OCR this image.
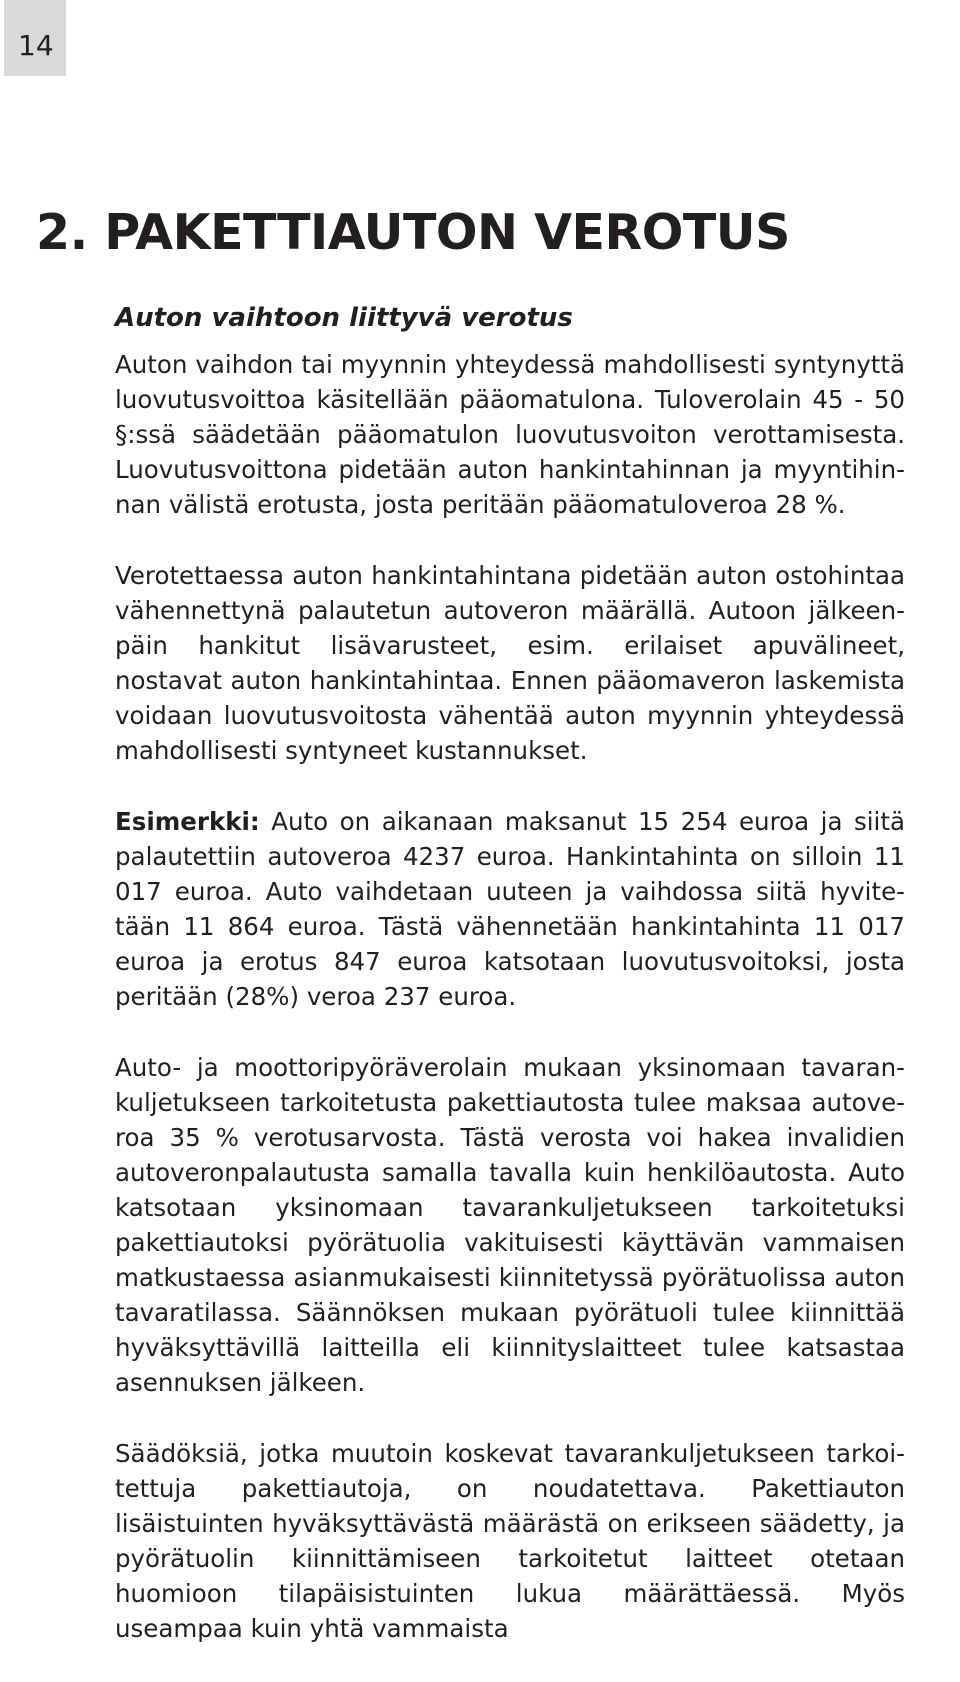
14
2. PAKETTIAUTON VEROTUS
Auton vaihtoon liittyvä verotus

Auton vaihdon tai myynnin yhteydessä mahdollisesti syntynyttä luovutusvoittoa käsitellään pääomatulona. Tuloverolain 45 - 50 §:ssä säädetään pääomatulon luovutusvoiton verottamisesta. Luovutusvoittona pidetään auton hankintahinnan ja myyntihinnan välistä erotusta, josta peritään pääomatuloveroa 28 %.

Verotettaessa auton hankintahintana pidetään auton ostohintaa vähennettynä palautetun autoveron määrällä. Autoon jälkeenpäin hankitut lisävarusteet, esim. erilaiset apuvälineet, nostavat auton hankintahintaa. Ennen pääomaveron laskemista voidaan luovutusvoitosta vähentää auton myynnin yhteydessä mahdollisesti syntyneet kustannukset.

Esimerkki: Auto on aikanaan maksanut 15 254 euroa ja siitä palautettiin autoveroa 4237 euroa. Hankintahinta on silloin 11 017 euroa. Auto vaihdetaan uuteen ja vaihdossa siitä hyvitetään 11 864 euroa. Tästä vähennetään hankintahinta 11 017 euroa ja erotus 847 euroa katsotaan luovutusvoitoksi, josta peritään (28%) veroa 237 euroa.

Auto- ja moottoripyöräverolain mukaan yksinomaan tavarankuljetukseen tarkoitetusta pakettiautosta tulee maksaa autoveroa 35 % verotusarvosta. Tästä verosta voi hakea invalidien autoveronpalautusta samalla tavalla kuin henkilöautosta. Auto katsotaan yksinomaan tavarankuljetukseen tarkoitetuksi pakettiautoksi pyörätuolia vakituisesti käyttävän vammaisen matkustaessa asianmukaisesti kiinnitetyssä pyörätuolissa auton tavaratilassa. Säännöksen mukaan pyörätuoli tulee kiinnittää hyväksyttävillä laitteilla eli kiinnityslaitteet tulee katsastaa asennuksen jälkeen.

Säädöksiä, jotka muutoin koskevat tavarankuljetukseen tarkoitettuja pakettiautoja, on noudatettava. Pakettiauton lisäistuinten hyväksyttävästä määrästä on erikseen säädetty, ja pyörätuolin kiinnittämiseen tarkoitetut laitteet otetaan huomioon tilapäisistuinten lukua määrättäessä. Myös useampaa kuin yhtä vammaista
